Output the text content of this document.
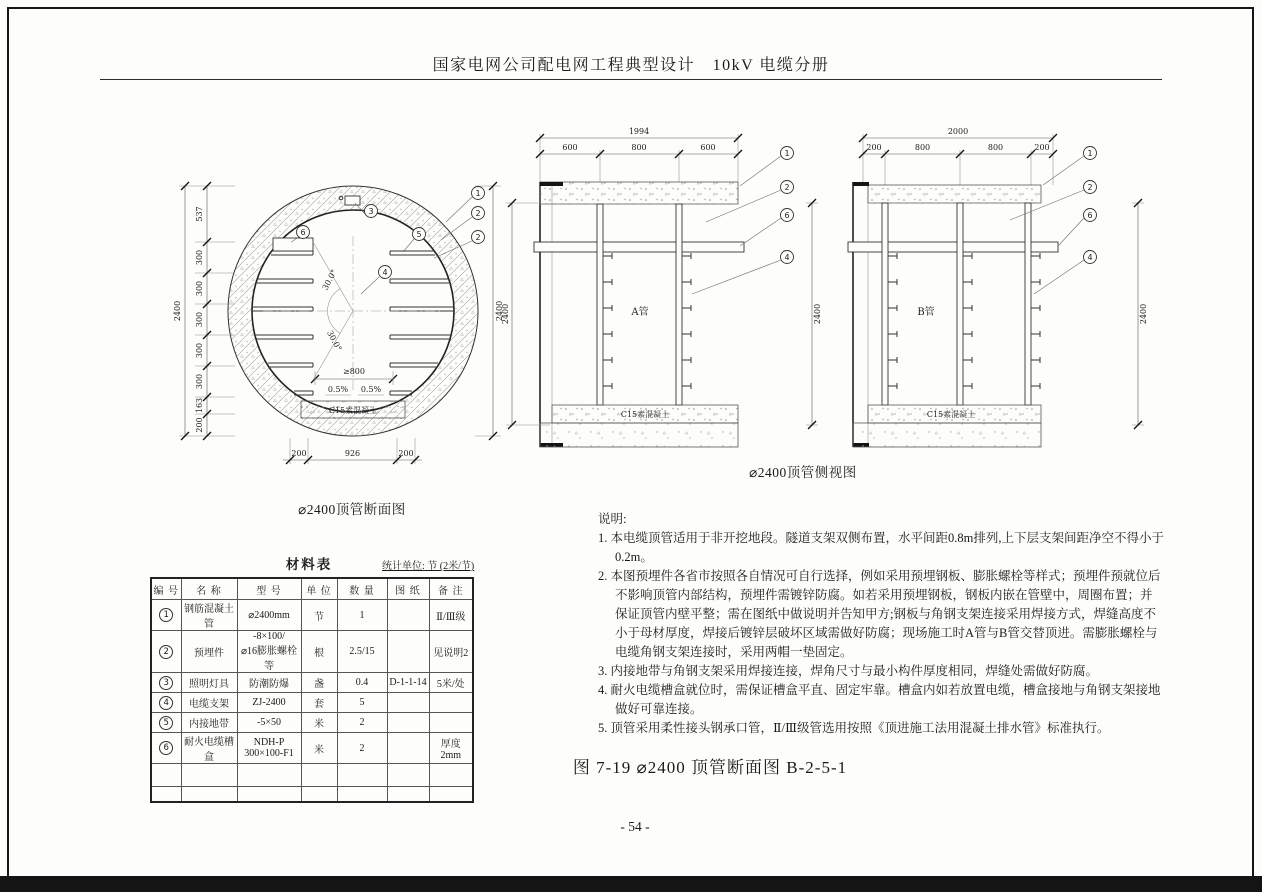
国家电网公司配电网工程典型设计　10kV 电缆分册
30.0°
30.0°
≥800
0.5% 0.5%
C15素混凝土
537
300
300
300
300
300
163
200
2400	2400
200	926	200
3
6	5
4
1
2
2
1994
600	800	600
A管
C15素混凝土
2400	2400
1
2
6
4
2000
200	800	800	200
B管
C15素混凝土
2400
1
2
6
4
⌀2400顶管断面图
⌀2400顶管侧视图
材料表	统计单位: 节 (2米/节)
编 号	名 称	型 号	单 位	数 量	图 纸	备 注
1	钢筋混凝土管	⌀2400mm	节	1		Ⅱ/Ⅲ级
2	预埋件	-8×100/
⌀16膨胀螺栓等	根	2.5/15		见说明2
3	照明灯具	防潮防爆	盏	0.4	D-1-1-14	5米/处
4	电缆支架	ZJ-2400	套	5		
5	内接地带	-5×50	米	2		
6	耐火电缆槽盒	NDH-P 300×100-F1	米	2		厚度2mm

说明:
1. 本电缆顶管适用于非开挖地段。隧道支架双侧布置，水平间距0.8m排列,上下层支架间距净空不得小于0.2m。
2. 本图预埋件各省市按照各自情况可自行选择，例如采用预埋钢板、膨胀螺栓等样式；预埋件预就位后不影响顶管内部结构，预埋件需镀锌防腐。如若采用预埋钢板，钢板内嵌在管壁中，周圈布置；并保证顶管内壁平整；需在图纸中做说明并告知甲方;钢板与角钢支架连接采用焊接方式，焊缝高度不小于母材厚度，焊接后镀锌层破坏区域需做好防腐；现场施工时A管与B管交替顶进。需膨胀螺栓与电缆角钢支架连接时，采用两帽一垫固定。
3. 内接地带与角钢支架采用焊接连接，焊角尺寸与最小构件厚度相同，焊缝处需做好防腐。
4. 耐火电缆槽盒就位时，需保证槽盒平直、固定牢靠。槽盒内如若放置电缆，槽盒接地与角钢支架接地做好可靠连接。
5. 顶管采用柔性接头钢承口管，Ⅱ/Ⅲ级管选用按照《顶进施工法用混凝土排水管》标准执行。
图 7-19 ⌀2400 顶管断面图 B-2-5-1
- 54 -
